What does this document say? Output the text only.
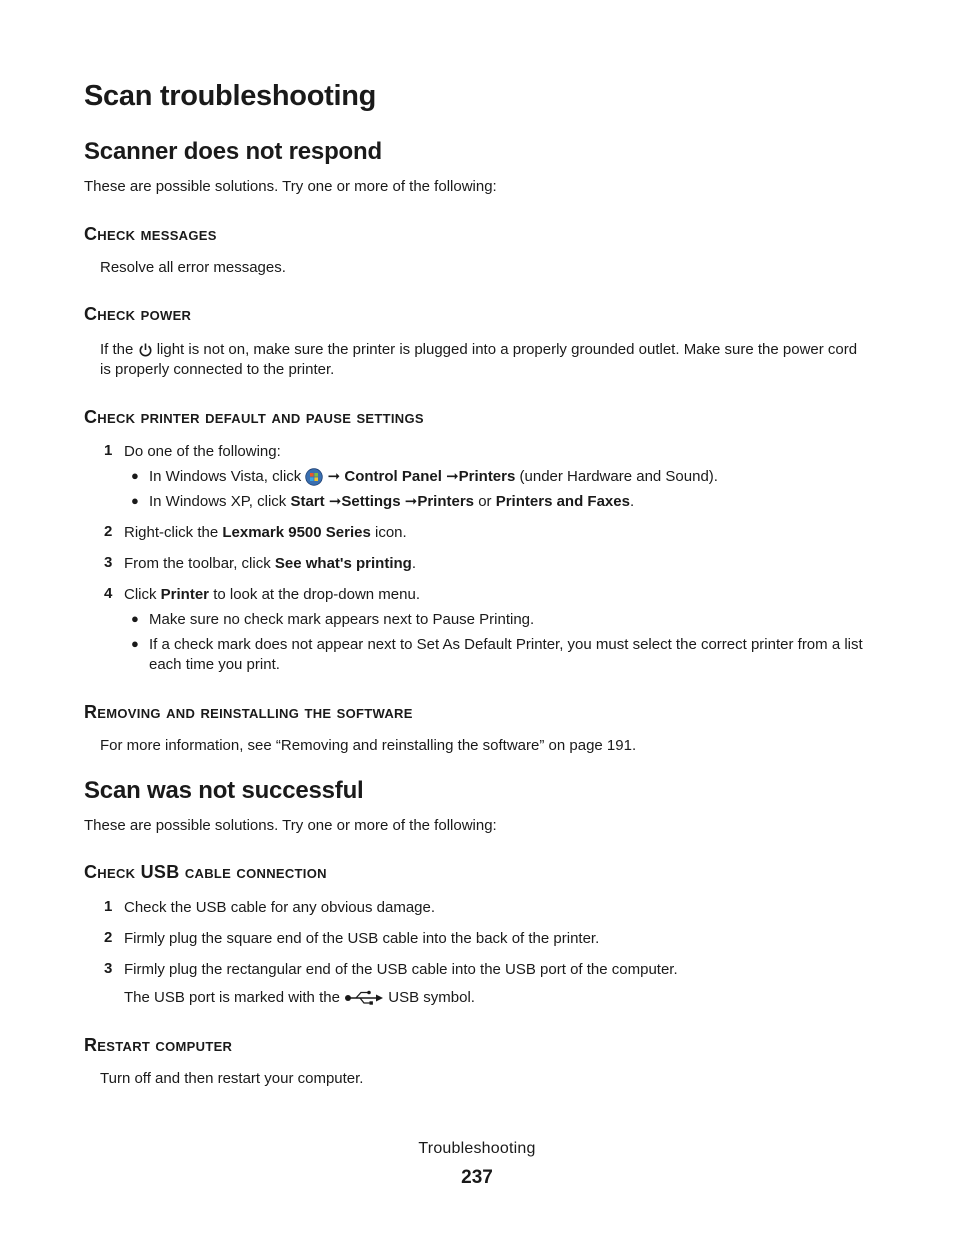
Scan troubleshooting
Scanner does not respond

These are possible solutions. Try one or more of the following:

Check messages

Resolve all error messages.

Check power

If the light is not on, make sure the printer is plugged into a properly grounded outlet. Make sure the power cord is properly connected to the printer.

Check printer default and pause settings
1 Do one of the following:

● In Windows Vista, click ➞ Control Panel ➞Printers (under Hardware and Sound).

● In Windows XP, click Start ➞Settings ➞Printers or Printers and Faxes.

2 Right-click the Lexmark 9500 Series icon.

3 From the toolbar, click See what's printing.

4 Click Printer to look at the drop-down menu.

● Make sure no check mark appears next to Pause Printing.

● If a check mark does not appear next to Set As Default Printer, you must select the correct printer from a list each time you print.

Removing and reinstalling the software

For more information, see “Removing and reinstalling the software” on page 191.

Scan was not successful

These are possible solutions. Try one or more of the following:

Check USB cable connection
1 Check the USB cable for any obvious damage.

2 Firmly plug the square end of the USB cable into the back of the printer.

3 Firmly plug the rectangular end of the USB cable into the USB port of the computer.

The USB port is marked with the	USB symbol.

Restart computer

Turn off and then restart your computer.

Troubleshooting
237
